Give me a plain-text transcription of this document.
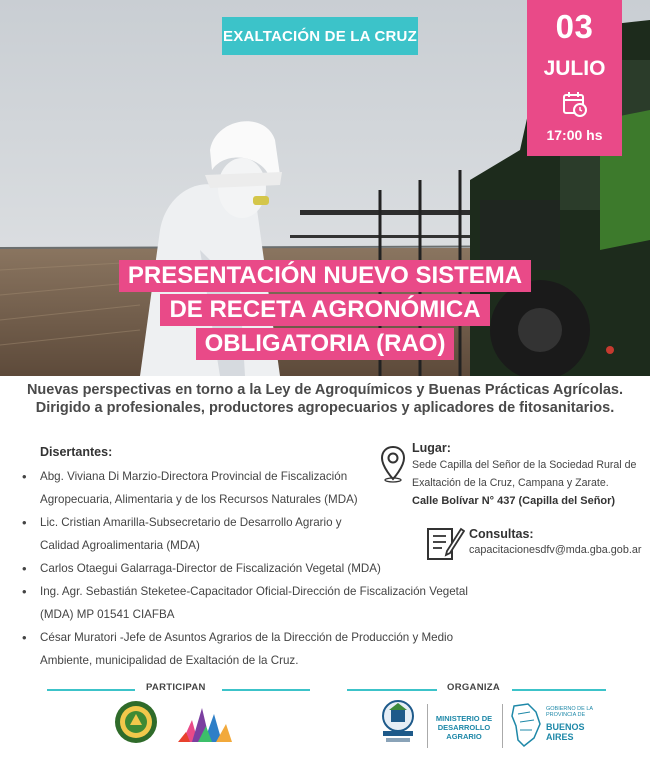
EXALTACIÓN DE LA CRUZ	03
JULIO
17:00 hs
PRESENTACIÓN NUEVO SISTEMA
DE RECETA AGRONÓMICA
OBLIGATORIA (RAO)
Nuevas perspectivas en torno a la Ley de Agroquímicos y Buenas Prácticas Agrícolas.
Dirigido a profesionales, productores agropecuarios y aplicadores de fitosanitarios.
Disertantes:
• Abg. Viviana Di Marzio-Directora Provincial de Fiscalización
Agropecuaria, Alimentaria y de los Recursos Naturales (MDA)
• Lic. Cristian Amarilla-Subsecretario de Desarrollo Agrario y
Calidad Agroalimentaria (MDA)
• Carlos Otaegui Galarraga-Director de Fiscalización Vegetal (MDA)
• Ing. Agr. Sebastián Steketee-Capacitador Oficial-Dirección de Fiscalización Vegetal
(MDA) MP 01541 CIAFBA
• César Muratori -Jefe de Asuntos Agrarios de la Dirección de Producción y Medio
Ambiente, municipalidad de Exaltación de la Cruz.
Lugar:
Sede Capilla del Señor de la Sociedad Rural de
Exaltación de la Cruz, Campana y Zarate.
Calle Bolívar N° 437 (Capilla del Señor)
Consultas:
capacitacionesdfv@mda.gba.gob.ar
PARTICIPAN	ORGANIZA
MINISTERIO DE
DESARROLLO
AGRARIO
GOBIERNO DE LA
PROVINCIA DE
BUENOS
AIRES
